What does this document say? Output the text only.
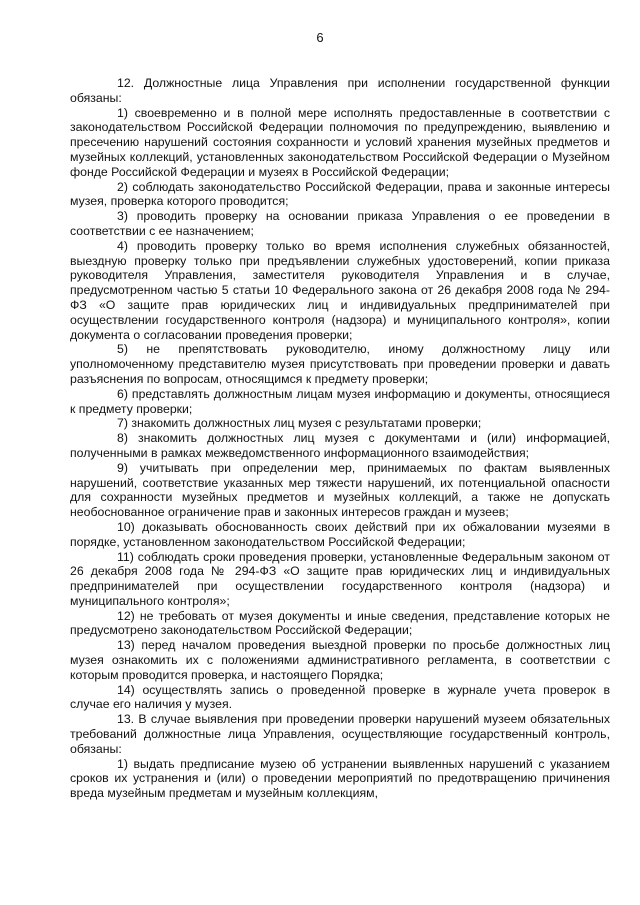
6

12. Должностные лица Управления при исполнении государственной функции обязаны:

1) своевременно и в полной мере исполнять предоставленные в соответствии с законодательством Российской Федерации полномочия по предупреждению, выявлению и пресечению нарушений состояния сохранности и условий хранения музейных предметов и музейных коллекций, установленных законодательством Российской Федерации о Музейном фонде Российской Федерации и музеях в Российской Федерации;

2) соблюдать законодательство Российской Федерации, права и законные интересы музея, проверка которого проводится;

3) проводить проверку на основании приказа Управления о ее проведении в соответствии с ее назначением;

4) проводить проверку только во время исполнения служебных обязанностей, выездную проверку только при предъявлении служебных удостоверений, копии приказа руководителя Управления, заместителя руководителя Управления и в случае, предусмотренном частью 5 статьи 10 Федерального закона от 26 декабря 2008 года № 294-ФЗ «О защите прав юридических лиц и индивидуальных предпринимателей при осуществлении государственного контроля (надзора) и муниципального контроля», копии документа о согласовании проведения проверки;

5) не препятствовать руководителю, иному должностному лицу или уполномоченному представителю музея присутствовать при проведении проверки и давать разъяснения по вопросам, относящимся к предмету проверки;

6) представлять должностным лицам музея информацию и документы, относящиеся к предмету проверки;

7) знакомить должностных лиц музея с результатами проверки;

8) знакомить должностных лиц музея с документами и (или) информацией, полученными в рамках межведомственного информационного взаимодействия;

9) учитывать при определении мер, принимаемых по фактам выявленных нарушений, соответствие указанных мер тяжести нарушений, их потенциальной опасности для сохранности музейных предметов и музейных коллекций, а также не допускать необоснованное ограничение прав и законных интересов граждан и музеев;

10) доказывать обоснованность своих действий при их обжаловании музеями в порядке, установленном законодательством Российской Федерации;

11) соблюдать сроки проведения проверки, установленные Федеральным законом от 26 декабря 2008 года № 294-ФЗ «О защите прав юридических лиц и индивидуальных предпринимателей при осуществлении государственного контроля (надзора) и муниципального контроля»;

12) не требовать от музея документы и иные сведения, представление которых не предусмотрено законодательством Российской Федерации;

13) перед началом проведения выездной проверки по просьбе должностных лиц музея ознакомить их с положениями административного регламента, в соответствии с которым проводится проверка, и настоящего Порядка;

14) осуществлять запись о проведенной проверке в журнале учета проверок в случае его наличия у музея.

13. В случае выявления при проведении проверки нарушений музеем обязательных требований должностные лица Управления, осуществляющие государственный контроль, обязаны:

1) выдать предписание музею об устранении выявленных нарушений с указанием сроков их устранения и (или) о проведении мероприятий по предотвращению причинения вреда музейным предметам и музейным коллекциям,
